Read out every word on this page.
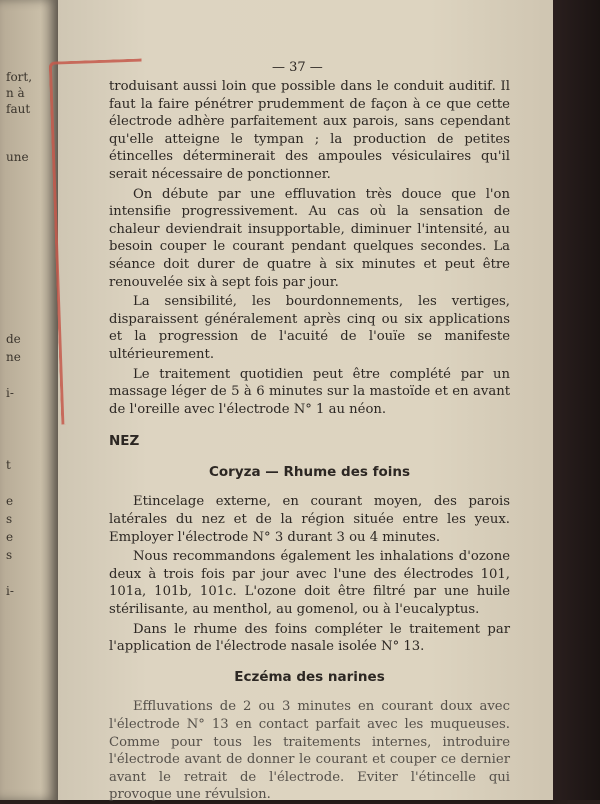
fort,
n à
faut
une
de
ne
i-
t
e
s
e
s
i-
— 37 —

troduisant aussi loin que possible dans le conduit auditif. Il faut la faire pénétrer prudemment de façon à ce que cette électrode adhère parfaitement aux parois, sans cependant qu'elle atteigne le tympan ; la production de petites étincelles déterminerait des ampoules vésiculaires qu'il serait nécessaire de ponctionner.

On débute par une effluvation très douce que l'on intensifie progressivement. Au cas où la sensation de chaleur deviendrait insupportable, diminuer l'intensité, au besoin couper le courant pendant quelques secondes. La séance doit durer de quatre à six minutes et peut être renouvelée six à sept fois par jour.

La sensibilité, les bourdonnements, les vertiges, disparaissent généralement après cinq ou six applications et la progression de l'acuité de l'ouïe se manifeste ultérieurement.

Le traitement quotidien peut être complété par un massage léger de 5 à 6 minutes sur la mastoïde et en avant de l'oreille avec l'électrode N° 1 au néon.

NEZ

Coryza — Rhume des foins

Etincelage externe, en courant moyen, des parois latérales du nez et de la région située entre les yeux. Employer l'électrode N° 3 durant 3 ou 4 minutes.

Nous recommandons également les inhalations d'ozone deux à trois fois par jour avec l'une des électrodes 101, 101a, 101b, 101c. L'ozone doit être filtré par une huile stérilisante, au menthol, au gomenol, ou à l'eucalyptus.

Dans le rhume des foins compléter le traitement par l'application de l'électrode nasale isolée N° 13.

Eczéma des narines

Effluvations de 2 ou 3 minutes en courant doux avec l'électrode N° 13 en contact parfait avec les muqueuses. Comme pour tous les traitements internes, introduire l'électrode avant de donner le courant et couper ce dernier avant le retrait de l'électrode. Eviter l'étincelle qui provoque une révulsion.
